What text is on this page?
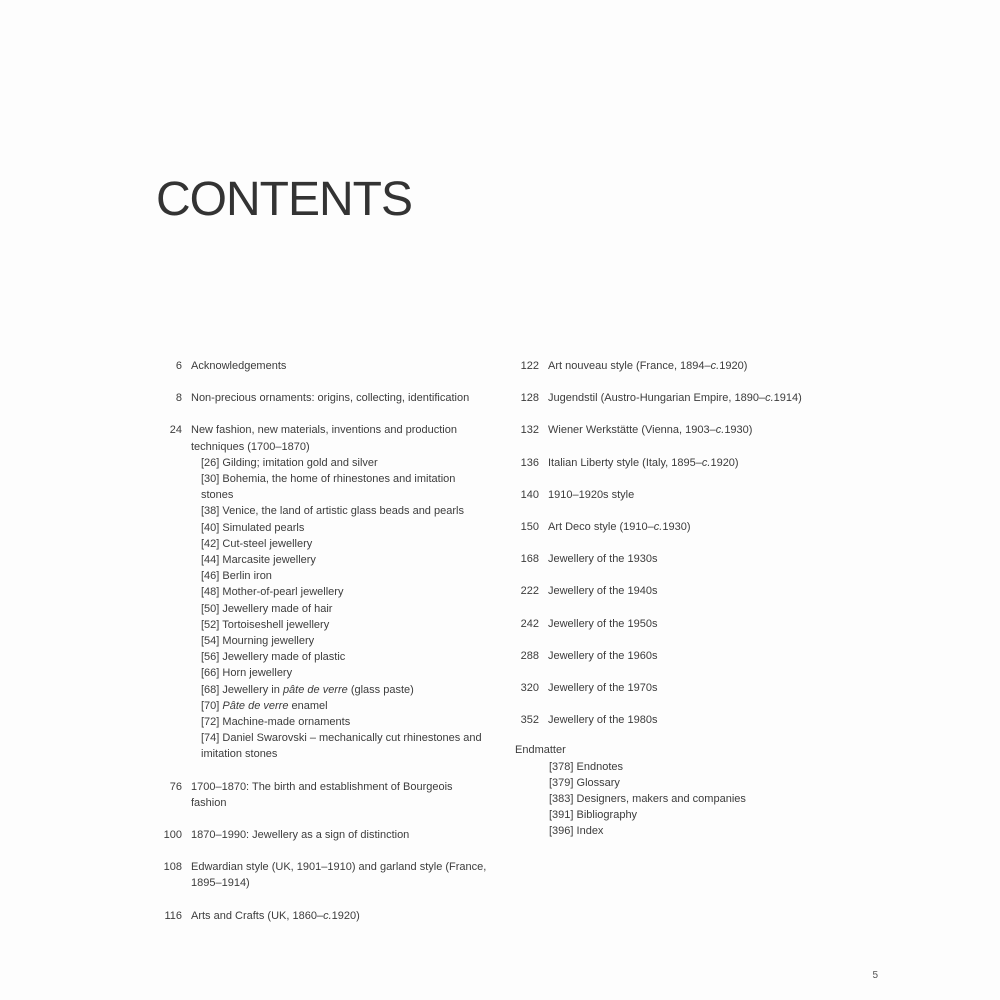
CONTENTS
6 Acknowledgements
8 Non-precious ornaments: origins, collecting, identification
24 New fashion, new materials, inventions and production techniques (1700–1870)
[26] Gilding; imitation gold and silver
[30] Bohemia, the home of rhinestones and imitation stones
[38] Venice, the land of artistic glass beads and pearls
[40] Simulated pearls
[42] Cut-steel jewellery
[44] Marcasite jewellery
[46] Berlin iron
[48] Mother-of-pearl jewellery
[50] Jewellery made of hair
[52] Tortoiseshell jewellery
[54] Mourning jewellery
[56] Jewellery made of plastic
[66] Horn jewellery
[68] Jewellery in pâte de verre (glass paste)
[70] Pâte de verre enamel
[72] Machine-made ornaments
[74] Daniel Swarovski – mechanically cut rhinestones and imitation stones
76 1700–1870: The birth and establishment of Bourgeois fashion
100 1870–1990: Jewellery as a sign of distinction
108 Edwardian style (UK, 1901–1910) and garland style (France, 1895–1914)
116 Arts and Crafts (UK, 1860–c.1920)
122 Art nouveau style (France, 1894–c.1920)
128 Jugendstil (Austro-Hungarian Empire, 1890–c.1914)
132 Wiener Werkstätte (Vienna, 1903–c.1930)
136 Italian Liberty style (Italy, 1895–c.1920)
140 1910–1920s style
150 Art Deco style (1910–c.1930)
168 Jewellery of the 1930s
222 Jewellery of the 1940s
242 Jewellery of the 1950s
288 Jewellery of the 1960s
320 Jewellery of the 1970s
352 Jewellery of the 1980s
Endmatter
[378] Endnotes
[379] Glossary
[383] Designers, makers and companies
[391] Bibliography
[396] Index
5
